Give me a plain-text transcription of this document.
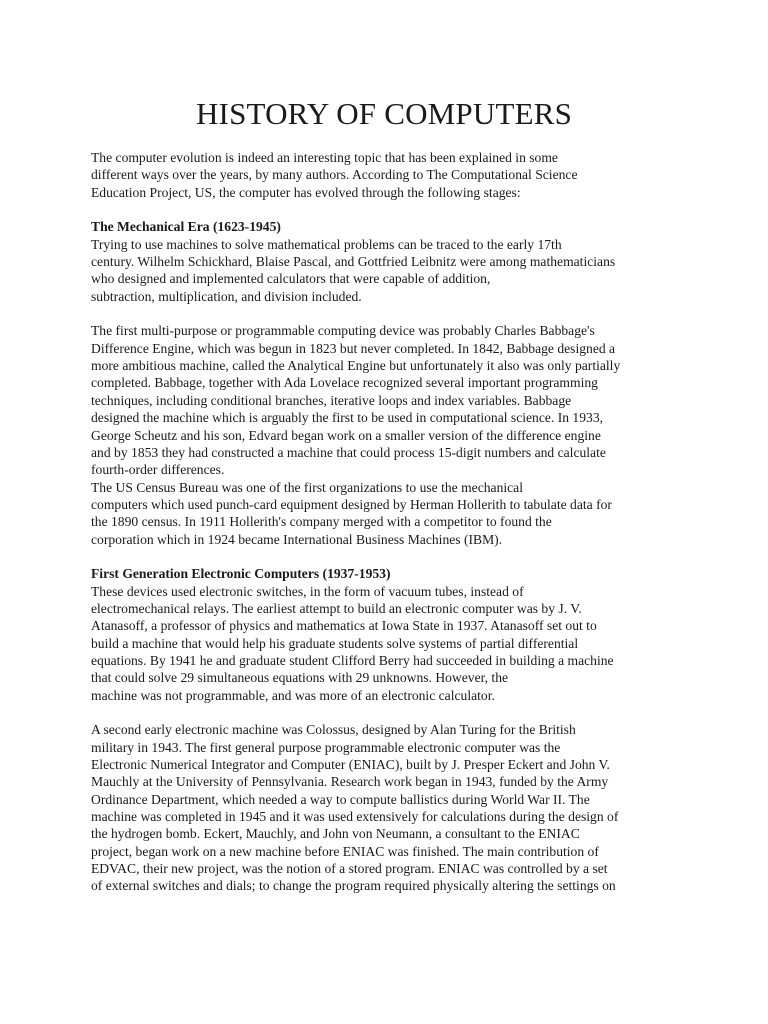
HISTORY OF COMPUTERS
The computer evolution is indeed an interesting topic that has been explained in some
different ways over the years, by many authors. According to The Computational Science
Education Project, US, the computer has evolved through the following stages:
The Mechanical Era (1623-1945)
Trying to use machines to solve mathematical problems can be traced to the early 17th
century. Wilhelm Schickhard, Blaise Pascal, and Gottfried Leibnitz were among mathematicians
who designed and implemented calculators that were capable of addition,
subtraction, multiplication, and division included.
The first multi-purpose or programmable computing device was probably Charles Babbage's
Difference Engine, which was begun in 1823 but never completed. In 1842, Babbage designed a
more ambitious machine, called the Analytical Engine but unfortunately it also was only partially
completed. Babbage, together with Ada Lovelace recognized several important programming
techniques, including conditional branches, iterative loops and index variables. Babbage
designed the machine which is arguably the first to be used in computational science. In 1933,
George Scheutz and his son, Edvard began work on a smaller version of the difference engine
and by 1853 they had constructed a machine that could process 15-digit numbers and calculate
fourth-order differences.
The US Census Bureau was one of the first organizations to use the mechanical
computers which used punch-card equipment designed by Herman Hollerith to tabulate data for
the 1890 census. In 1911 Hollerith's company merged with a competitor to found the
corporation which in 1924 became International Business Machines (IBM).
First Generation Electronic Computers (1937-1953)
These devices used electronic switches, in the form of vacuum tubes, instead of
electromechanical relays. The earliest attempt to build an electronic computer was by J. V.
Atanasoff, a professor of physics and mathematics at Iowa State in 1937. Atanasoff set out to
build a machine that would help his graduate students solve systems of partial differential
equations. By 1941 he and graduate student Clifford Berry had succeeded in building a machine
that could solve 29 simultaneous equations with 29 unknowns. However, the
machine was not programmable, and was more of an electronic calculator.
A second early electronic machine was Colossus, designed by Alan Turing for the British
military in 1943. The first general purpose programmable electronic computer was the
Electronic Numerical Integrator and Computer (ENIAC), built by J. Presper Eckert and John V.
Mauchly at the University of Pennsylvania. Research work began in 1943, funded by the Army
Ordinance Department, which needed a way to compute ballistics during World War II. The
machine was completed in 1945 and it was used extensively for calculations during the design of
the hydrogen bomb. Eckert, Mauchly, and John von Neumann, a consultant to the ENIAC
project, began work on a new machine before ENIAC was finished. The main contribution of
EDVAC, their new project, was the notion of a stored program. ENIAC was controlled by a set
of external switches and dials; to change the program required physically altering the settings on
